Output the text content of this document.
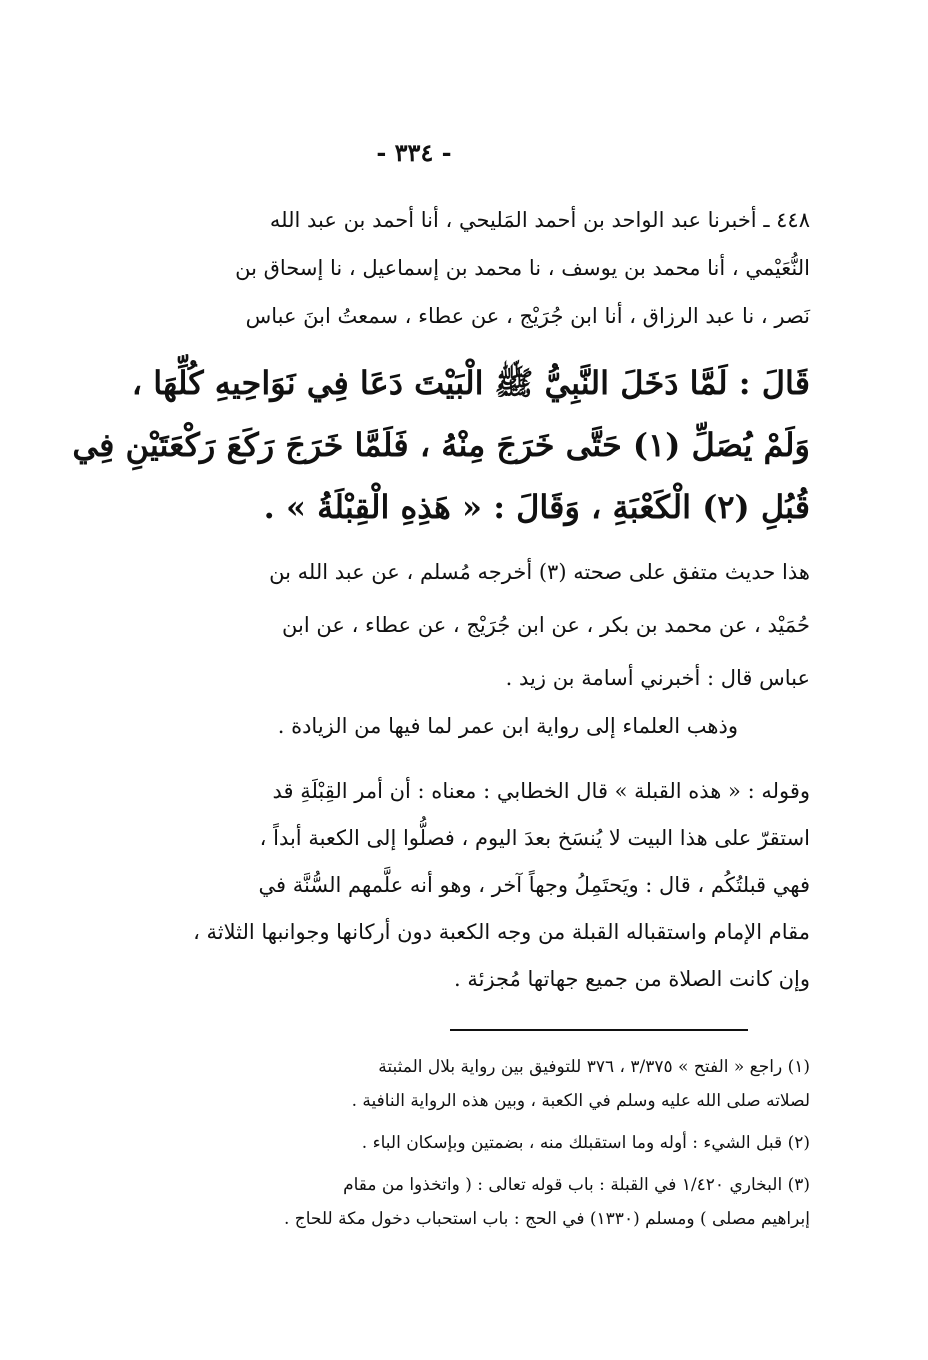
- ٣٣٤ -
٤٤٨ ـ أخبرنا عبد الواحد بن أحمد المَليحي ، أنا أحمد بن عبد الله
النُّعَيْمي ، أنا محمد بن يوسف ، نا محمد بن إسماعيل ، نا إسحاق بن
نَصر ، نا عبد الرزاق ، أنا ابن جُرَيْج ، عن عطاء ، سمعتُ ابنَ عباس
قَالَ : لَمَّا دَخَلَ النَّبِيُّ ﷺ الْبَيْتَ دَعَا فِي نَوَاحِيهِ كُلِّهَا ،
وَلَمْ يُصَلِّ (١) حَتَّى خَرَجَ مِنْهُ ، فَلَمَّا خَرَجَ رَكَعَ رَكْعَتَيْنِ فِي
قُبُلِ (٢) الْكَعْبَةِ ، وَقَالَ : « هَذِهِ الْقِبْلَةُ » .
هذا حديث متفق على صحته (٣) أخرجه مُسلم ، عن عبد الله بن
حُمَيْد ، عن محمد بن بكر ، عن ابن جُرَيْج ، عن عطاء ، عن ابن
عباس قال : أخبرني أسامة بن زيد .
وذهب العلماء إلى رواية ابن عمر لما فيها من الزيادة .
وقوله : « هذه القبلة » قال الخطابي : معناه : أن أمر القِبْلَةِ قد
استقرّ على هذا البيت لا يُنسَخ بعدَ اليوم ، فصلُّوا إلى الكعبة أبداً ،
فهي قبلتُكُم ، قال : ويَحتَمِلُ وجهاً آخر ، وهو أنه علَّمهم السُّنَّة في
مقام الإمام واستقباله القبلة من وجه الكعبة دون أركانها وجوانبها الثلاثة ،
وإن كانت الصلاة من جميع جهاتها مُجزئة .
(١) راجع « الفتح » ٣/٣٧٥ ، ٣٧٦ للتوفيق بين رواية بلال المثبتة
لصلاته صلى الله عليه وسلم في الكعبة ، وبين هذه الرواية النافية .
(٢) قبل الشيء : أوله وما استقبلك منه ، بضمتين وبإسكان الباء .
(٣) البخاري ١/٤٢٠ في القبلة : باب قوله تعالى : ( واتخذوا من مقام
إبراهيم مصلى ) ومسلم (١٣٣٠) في الحج : باب استحباب دخول مكة للحاج .
